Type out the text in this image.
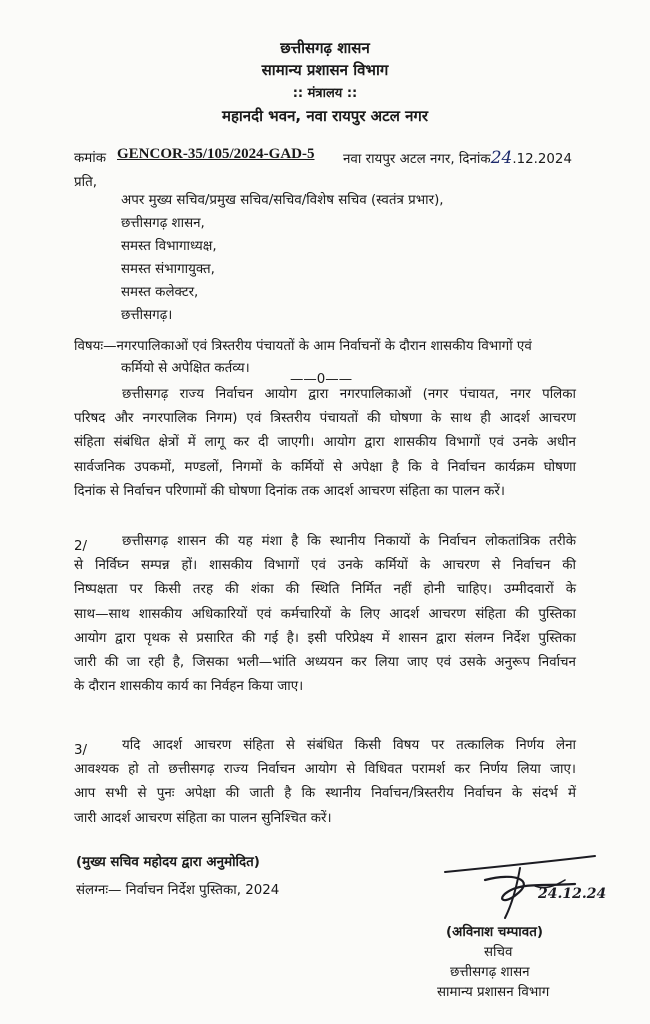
छत्तीसगढ़ शासन
सामान्य प्रशासन विभाग
:: मंत्रालय ::
महानदी भवन, नवा रायपुर अटल नगर
कमांक GENCOR-35/105/2024-GAD-5 नवा रायपुर अटल नगर, दिनांक24.12.2024
प्रति,
अपर मुख्य सचिव/प्रमुख सचिव/सचिव/विशेष सचिव (स्वतंत्र प्रभार),
छत्तीसगढ़ शासन,
समस्त विभागाध्यक्ष,
समस्त संभागायुक्त,
समस्त कलेक्टर,
छत्तीसगढ़।
विषयः—नगरपालिकाओं एवं त्रिस्तरीय पंचायतों के आम निर्वाचनों के दौरान शासकीय विभागों एवं
कर्मियो से अपेक्षित कर्तव्य।
——0——
छत्तीसगढ़ राज्य निर्वाचन आयोग द्वारा नगरपालिकाओं (नगर पंचायत, नगर पलिका
परिषद और नगरपालिक निगम) एवं त्रिस्तरीय पंचायतों की घोषणा के साथ ही आदर्श आचरण
संहिता संबंधित क्षेत्रों में लागू कर दी जाएगी। आयोग द्वारा शासकीय विभागों एवं उनके अधीन
सार्वजनिक उपकमों, मण्डलों, निगमों के कर्मियों से अपेक्षा है कि वे निर्वाचन कार्यक्रम घोषणा
दिनांक से निर्वाचन परिणामों की घोषणा दिनांक तक आदर्श आचरण संहिता का पालन करें।
2/	छत्तीसगढ़ शासन की यह मंशा है कि स्थानीय निकायों के निर्वाचन लोकतांत्रिक तरीके
से निर्विघ्न सम्पन्न हों। शासकीय विभागों एवं उनके कर्मियों के आचरण से निर्वाचन की
निष्पक्षता पर किसी तरह की शंका की स्थिति निर्मित नहीं होनी चाहिए। उम्मीदवारों के
साथ—साथ शासकीय अधिकारियों एवं कर्मचारियों के लिए आदर्श आचरण संहिता की पुस्तिका
आयोग द्वारा पृथक से प्रसारित की गई है। इसी परिप्रेक्ष्य में शासन द्वारा संलग्न निर्देश पुस्तिका
जारी की जा रही है, जिसका भली—भांति अध्ययन कर लिया जाए एवं उसके अनुरूप निर्वाचन
के दौरान शासकीय कार्य का निर्वहन किया जाए।
3/	यदि आदर्श आचरण संहिता से संबंधित किसी विषय पर तत्कालिक निर्णय लेना
आवश्यक हो तो छत्तीसगढ़ राज्य निर्वाचन आयोग से विधिवत परामर्श कर निर्णय लिया जाए।
आप सभी से पुनः अपेक्षा की जाती है कि स्थानीय निर्वाचन/त्रिस्तरीय निर्वाचन के संदर्भ में
जारी आदर्श आचरण संहिता का पालन सुनिश्चित करें।
(मुख्य सचिव महोदय द्वारा अनुमोदित)
संलग्नः— निर्वाचन निर्देश पुस्तिका, 2024	24.12.24
(अविनाश चम्पावत)
सचिव
छत्तीसगढ़ शासन
सामान्य प्रशासन विभाग
